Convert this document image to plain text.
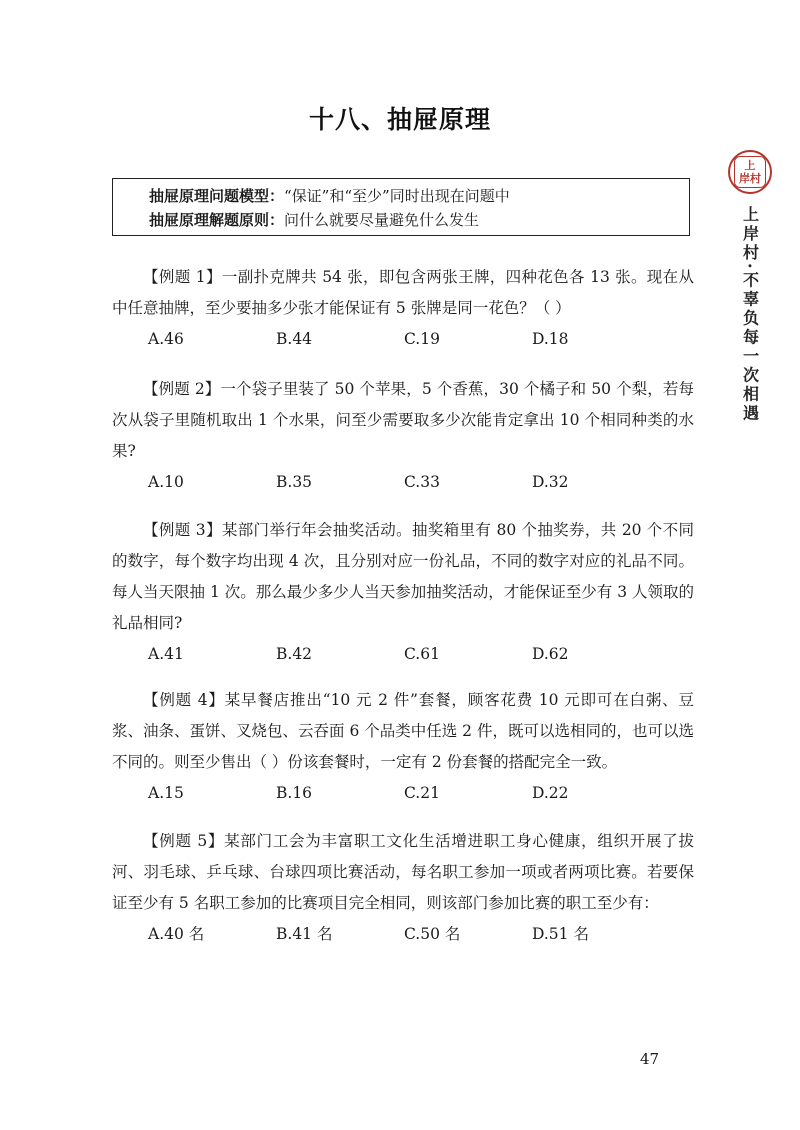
十八、抽屉原理
抽屉原理问题模型：“保证”和“至少”同时出现在问题中
抽屉原理解题原则：问什么就要尽量避免什么发生

【例题 1】一副扑克牌共 54 张，即包含两张王牌，四种花色各 13 张。现在从中任意抽牌，至少要抽多少张才能保证有 5 张牌是同一花色？（ ）

A.46	B.44	C.19	D.18

【例题 2】一个袋子里装了 50 个苹果，5 个香蕉，30 个橘子和 50 个梨，若每次从袋子里随机取出 1 个水果，问至少需要取多少次能肯定拿出 10 个相同种类的水果?

A.10	B.35	C.33	D.32

【例题 3】某部门举行年会抽奖活动。抽奖箱里有 80 个抽奖券，共 20 个不同的数字，每个数字均出现 4 次，且分别对应一份礼品，不同的数字对应的礼品不同。每人当天限抽 1 次。那么最少多少人当天参加抽奖活动，才能保证至少有 3 人领取的礼品相同?

A.41	B.42	C.61	D.62

【例题 4】某早餐店推出“10 元 2 件”套餐，顾客花费 10 元即可在白粥、豆浆、油条、蛋饼、叉烧包、云吞面 6 个品类中任选 2 件，既可以选相同的，也可以选不同的。则至少售出（ ）份该套餐时，一定有 2 份套餐的搭配完全一致。

A.15	B.16	C.21	D.22

【例题 5】某部门工会为丰富职工文化生活增进职工身心健康，组织开展了拔河、羽毛球、乒乓球、台球四项比赛活动，每名职工参加一项或者两项比赛。若要保证至少有 5 名职工参加的比赛项目完全相同，则该部门参加比赛的职工至少有：

A.40 名	B.41 名	C.50 名	D.51 名
47
上
岸村
上岸村·不辜负每一次相遇
